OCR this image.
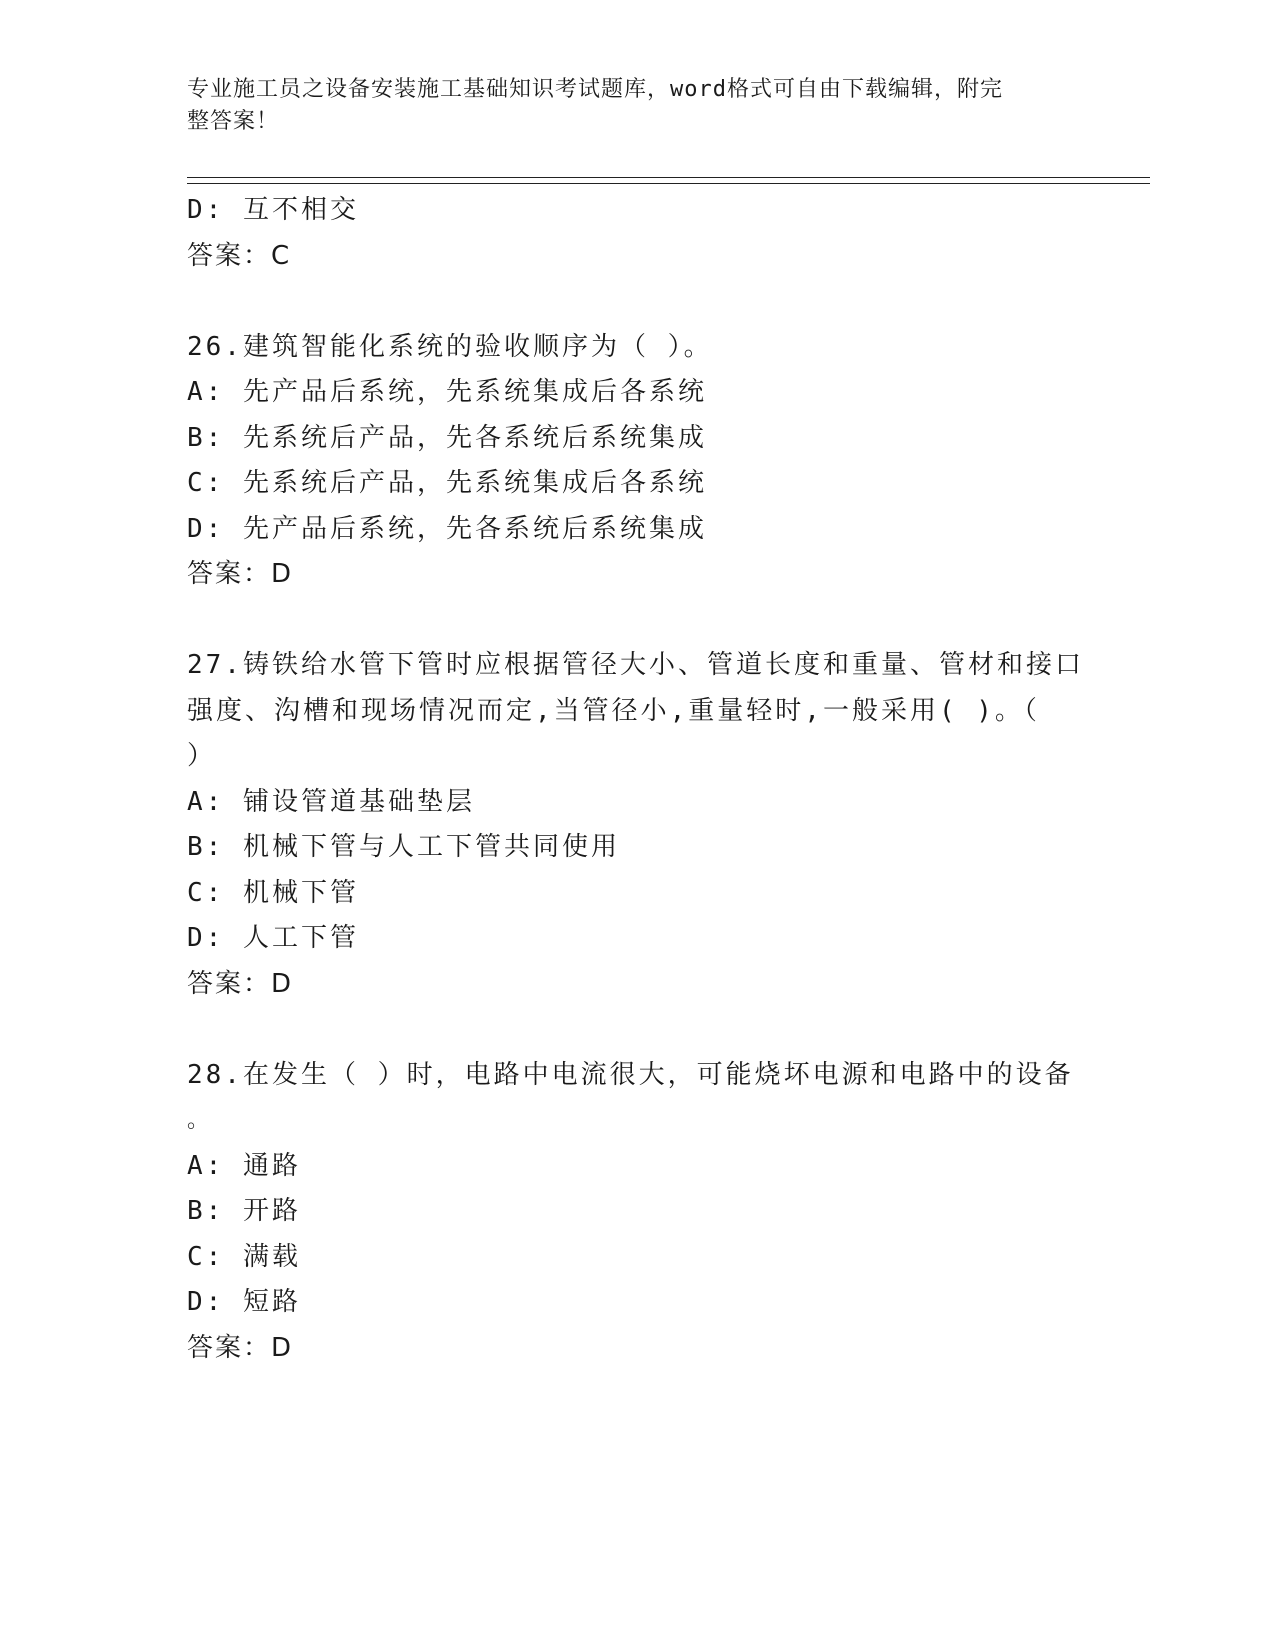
专业施工员之设备安装施工基础知识考试题库，word格式可自由下载编辑，附完
整答案！
D: 互不相交
答案：C
26.建筑智能化系统的验收顺序为（ ）。
A: 先产品后系统，先系统集成后各系统
B: 先系统后产品，先各系统后系统集成
C: 先系统后产品，先系统集成后各系统
D: 先产品后系统，先各系统后系统集成
答案：D
27.铸铁给水管下管时应根据管径大小、管道长度和重量、管材和接口
强度、沟槽和现场情况而定,当管径小,重量轻时,一般采用( )。（
）
A: 铺设管道基础垫层
B: 机械下管与人工下管共同使用
C: 机械下管
D: 人工下管
答案：D
28.在发生（ ）时，电路中电流很大，可能烧坏电源和电路中的设备
。
A: 通路
B: 开路
C: 满载
D: 短路
答案：D
